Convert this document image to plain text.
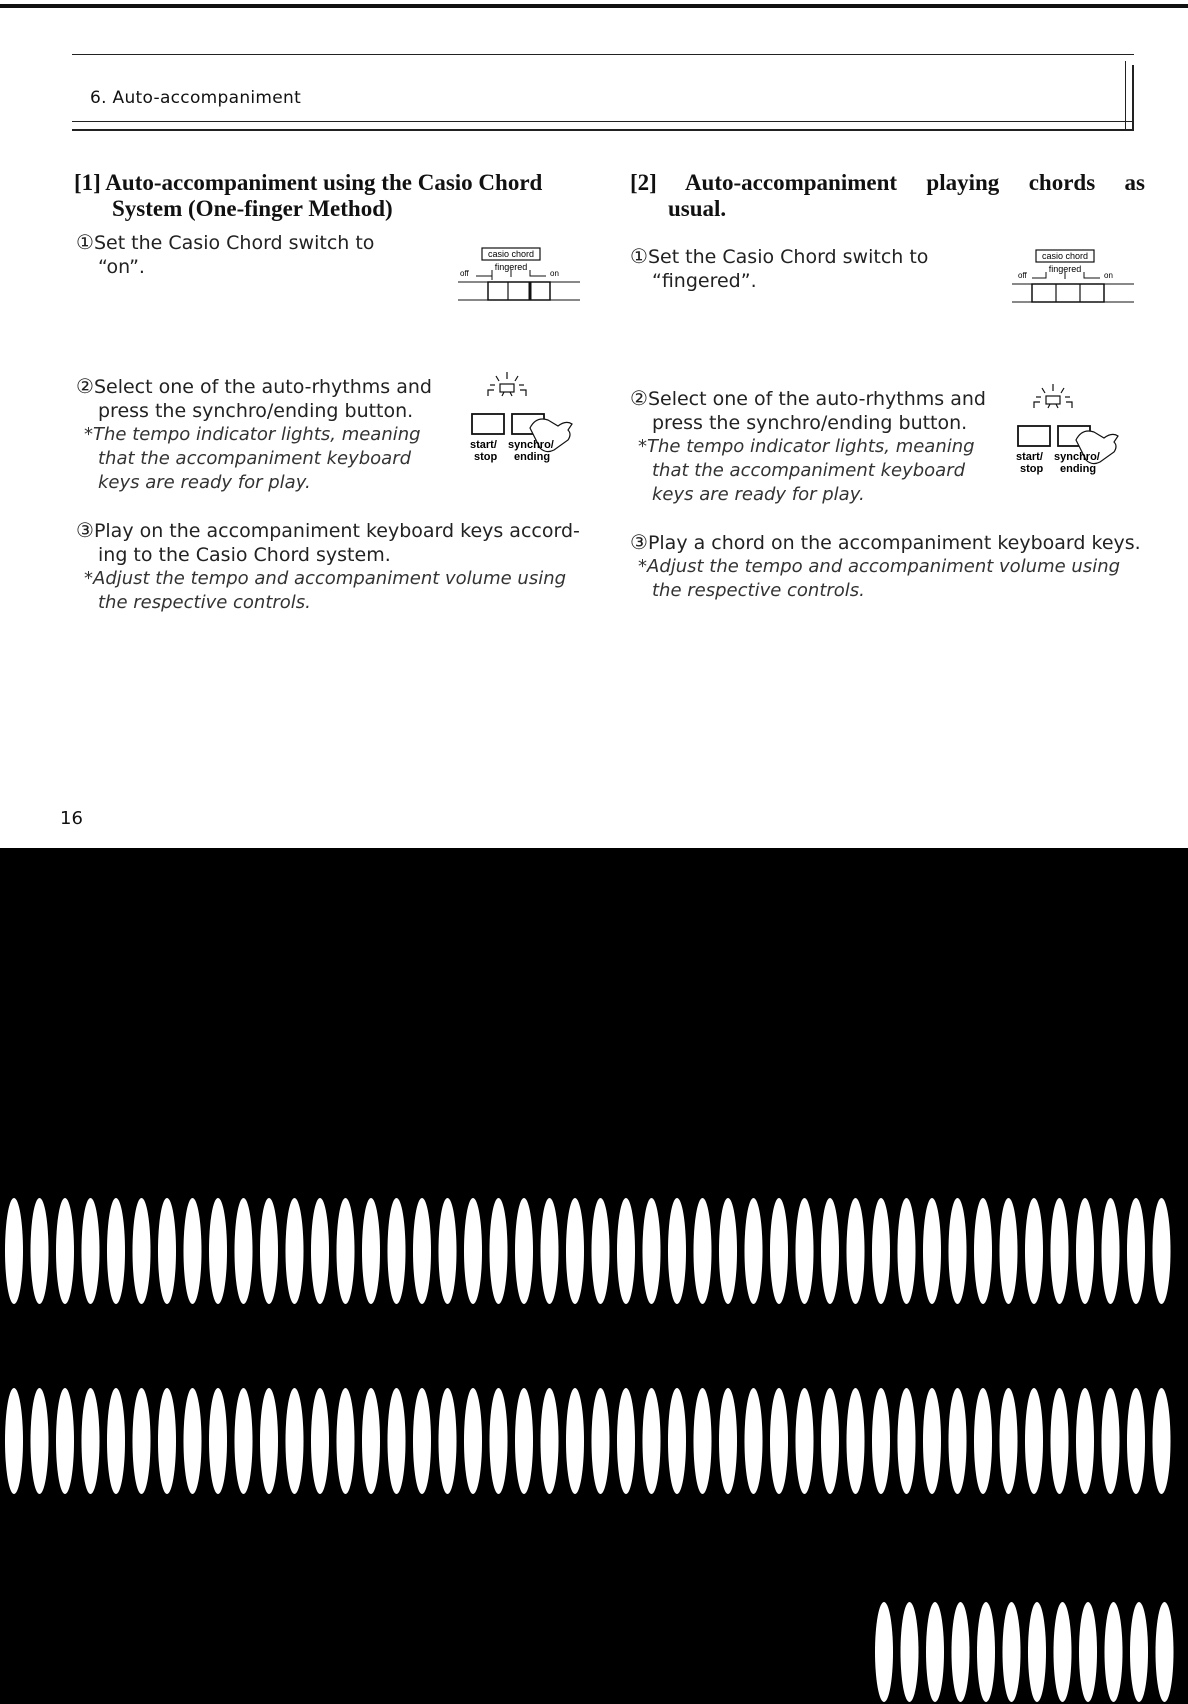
6. Auto-accompaniment
[1] Auto-accompaniment using the Casio Chord
System (One-finger Method)
①Set the Casio Chord switch to
“on”.
②Select one of the auto-rhythms and
press the synchro/ending button.
*The tempo indicator lights, meaning
that the accompaniment keyboard
keys are ready for play.
③Play on the accompaniment keyboard keys accord-
ing to the Casio Chord system.
*Adjust the tempo and accompaniment volume using
the respective controls.
[2] Auto-accompaniment playing chords as
usual.
①Set the Casio Chord switch to
“fingered”.
②Select one of the auto-rhythms and
press the synchro/ending button.
*The tempo indicator lights, meaning
that the accompaniment keyboard
keys are ready for play.
③Play a chord on the accompaniment keyboard keys.
*Adjust the tempo and accompaniment volume using
the respective controls.
casio chord
fingered
off	on
casio chord
fingered
off	on
start/
stop
synchro/
ending	start/
stop
synchro/
ending
16
